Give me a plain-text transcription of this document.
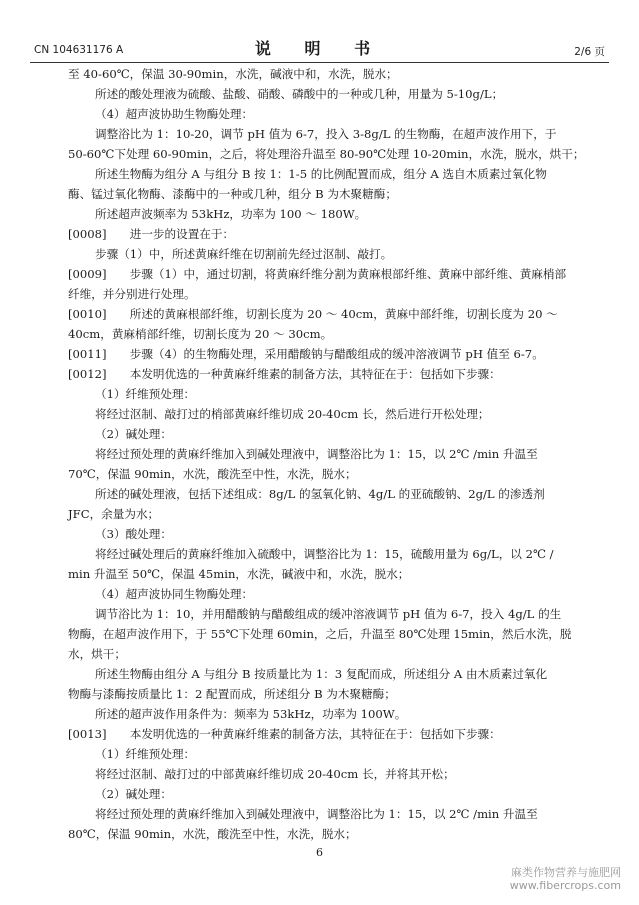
CN 104631176 A	说 明 书	2/6 页
至 40-60℃，保温 30-90min，水洗，碱液中和，水洗，脱水；
所述的酸处理液为硫酸、盐酸、硝酸、磷酸中的一种或几种，用量为 5-10g/L；
（4）超声波协助生物酶处理：
调整浴比为 1：10-20，调节 pH 值为 6-7，投入 3-8g/L 的生物酶，在超声波作用下，于
50-60℃下处理 60-90min，之后，将处理浴升温至 80-90℃处理 10-20min，水洗，脱水，烘干；
所述生物酶为组分 A 与组分 B 按 1：1-5 的比例配置而成，组分 A 选自木质素过氧化物
酶、锰过氧化物酶、漆酶中的一种或几种，组分 B 为木聚糖酶；
所述超声波频率为 53kHz，功率为 100 ～ 180W。
[0008]　　进一步的设置在于：
步骤（1）中，所述黄麻纤维在切割前先经过沤制、敲打。
[0009]　　步骤（1）中，通过切割，将黄麻纤维分割为黄麻根部纤维、黄麻中部纤维、黄麻梢部
纤维，并分别进行处理。
[0010]　　所述的黄麻根部纤维，切割长度为 20 ～ 40cm，黄麻中部纤维，切割长度为 20 ～
40cm，黄麻梢部纤维，切割长度为 20 ～ 30cm。
[0011]　　步骤（4）的生物酶处理，采用醋酸钠与醋酸组成的缓冲溶液调节 pH 值至 6-7。
[0012]　　本发明优选的一种黄麻纤维素的制备方法，其特征在于：包括如下步骤：
（1）纤维预处理：
将经过沤制、敲打过的梢部黄麻纤维切成 20-40cm 长，然后进行开松处理；
（2）碱处理：
将经过预处理的黄麻纤维加入到碱处理液中，调整浴比为 1：15，以 2℃ /min 升温至
70℃，保温 90min，水洗，酸洗至中性，水洗，脱水；
所述的碱处理液，包括下述组成：8g/L 的氢氧化钠、4g/L 的亚硫酸钠、2g/L 的渗透剂
JFC，余量为水；
（3）酸处理：
将经过碱处理后的黄麻纤维加入硫酸中，调整浴比为 1：15，硫酸用量为 6g/L，以 2℃ /
min 升温至 50℃，保温 45min，水洗，碱液中和，水洗，脱水；
（4）超声波协同生物酶处理：
调节浴比为 1：10，并用醋酸钠与醋酸组成的缓冲溶液调节 pH 值为 6-7，投入 4g/L 的生
物酶，在超声波作用下，于 55℃下处理 60min，之后，升温至 80℃处理 15min，然后水洗，脱
水，烘干；
所述生物酶由组分 A 与组分 B 按质量比为 1：3 复配而成，所述组分 A 由木质素过氧化
物酶与漆酶按质量比 1：2 配置而成，所述组分 B 为木聚糖酶；
所述的超声波作用条件为：频率为 53kHz，功率为 100W。
[0013]　　本发明优选的一种黄麻纤维素的制备方法，其特征在于：包括如下步骤：
（1）纤维预处理：
将经过沤制、敲打过的中部黄麻纤维切成 20-40cm 长，并将其开松；
（2）碱处理：
将经过预处理的黄麻纤维加入到碱处理液中，调整浴比为 1：15，以 2℃ /min 升温至
80℃，保温 90min，水洗，酸洗至中性，水洗，脱水；
6
麻类作物营养与施肥网
www.fibercrops.com
